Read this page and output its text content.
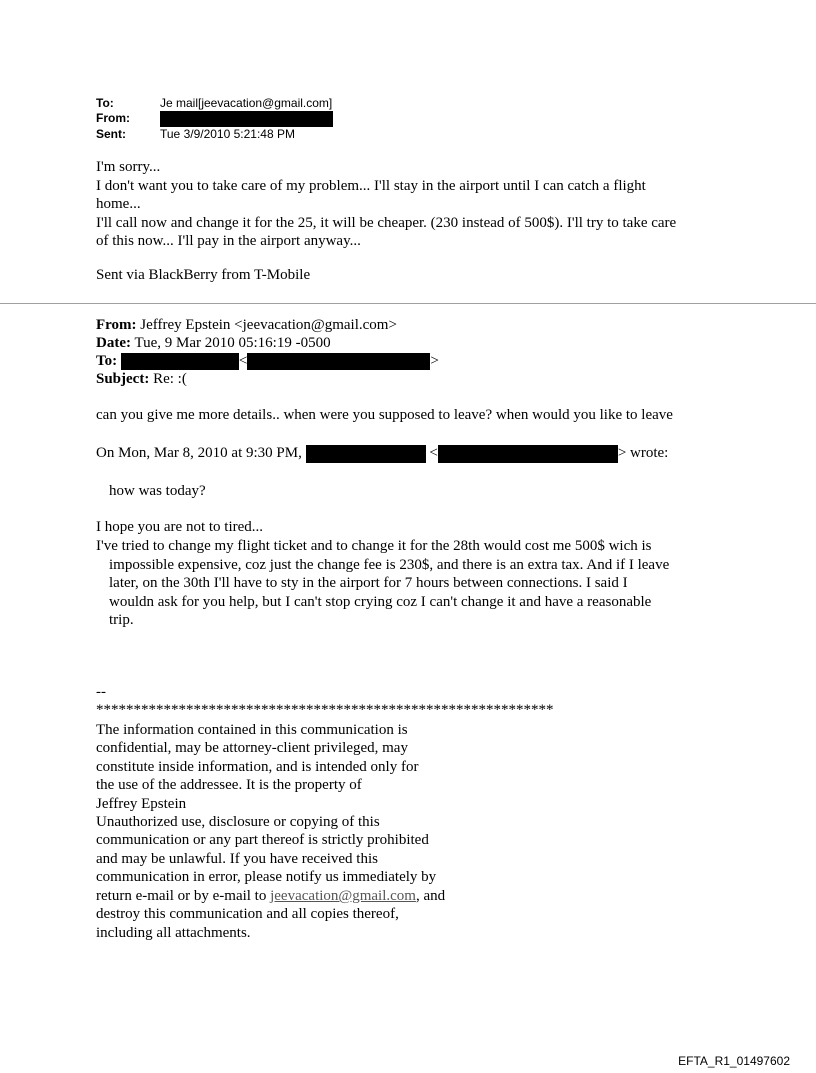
To:	Je mail[jeevacation@gmail.com]
From:
Sent:	Tue 3/9/2010 5:21:48 PM
I'm sorry...
I don't want you to take care of my problem... I'll stay in the airport until I can catch a flight
home...
I'll call now and change it for the 25, it will be cheaper. (230 instead of 500$). I'll try to take care
of this now... I'll pay in the airport anyway...
Sent via BlackBerry from T-Mobile
From: Jeffrey Epstein <jeevacation@gmail.com>
Date: Tue, 9 Mar 2010 05:16:19 -0500
To:	<	>
Subject: Re: :(
can you give me more details.. when were you supposed to leave? when would you like to leave
On Mon, Mar 8, 2010 at 9:30 PM,	<	> wrote:
how was today?
I hope you are not to tired...
I've tried to change my flight ticket and to change it for the 28th would cost me 500$ wich is
impossible expensive, coz just the change fee is 230$, and there is an extra tax. And if I leave
later, on the 30th I'll have to sty in the airport for 7 hours between connections. I said I
wouldn ask for you help, but I can't stop crying coz I can't change it and have a reasonable
trip.
--
*************************************************************
The information contained in this communication is
confidential, may be attorney-client privileged, may
constitute inside information, and is intended only for
the use of the addressee. It is the property of
Jeffrey Epstein
Unauthorized use, disclosure or copying of this
communication or any part thereof is strictly prohibited
and may be unlawful. If you have received this
communication in error, please notify us immediately by
return e-mail or by e-mail to jeevacation@gmail.com, and
destroy this communication and all copies thereof,
including all attachments.
EFTA_R1_01497602
